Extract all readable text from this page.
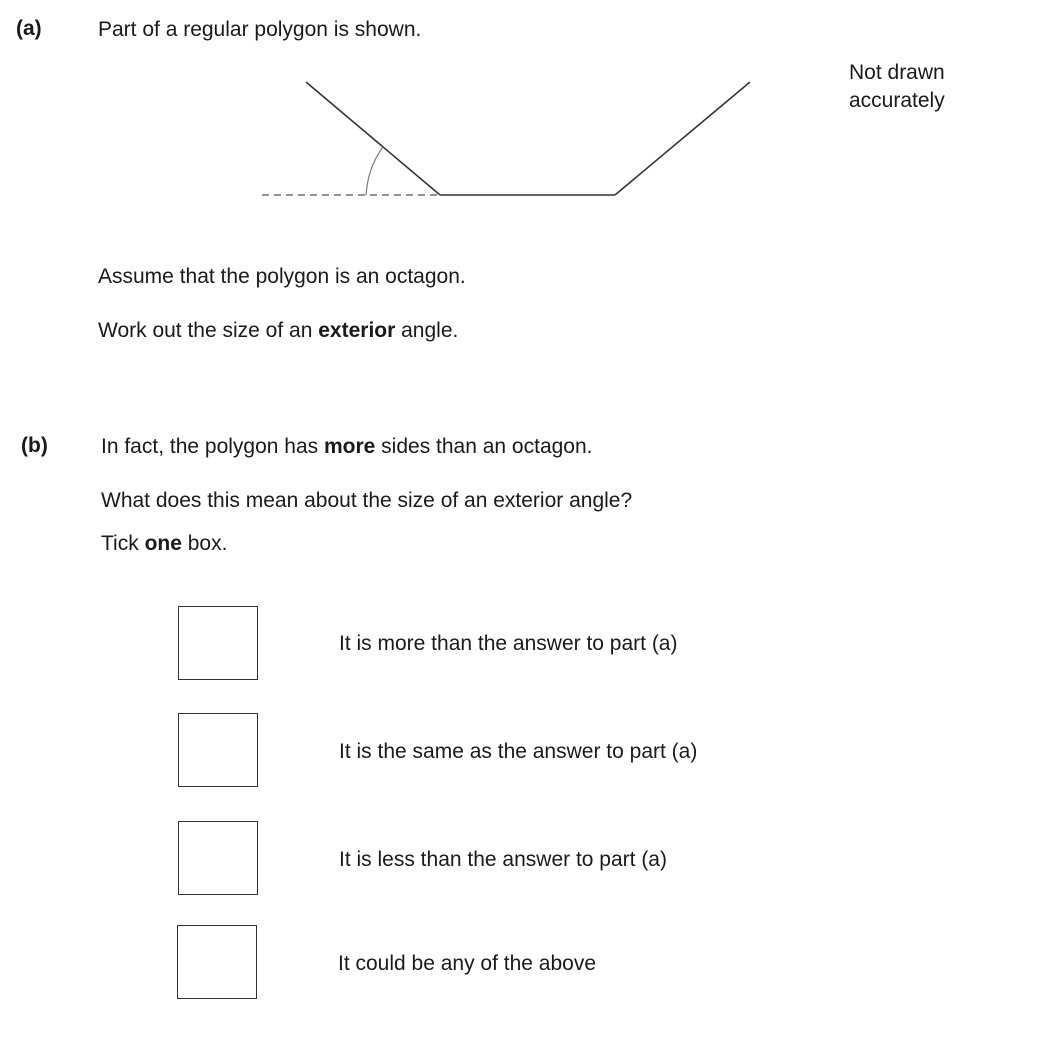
(a)	Part of a regular polygon is shown.
Not drawn
accurately
Assume that the polygon is an octagon.
Work out the size of an exterior angle.
(b)	In fact, the polygon has more sides than an octagon.
What does this mean about the size of an exterior angle?
Tick one box.
It is more than the answer to part (a)
It is the same as the answer to part (a)
It is less than the answer to part (a)
It could be any of the above
